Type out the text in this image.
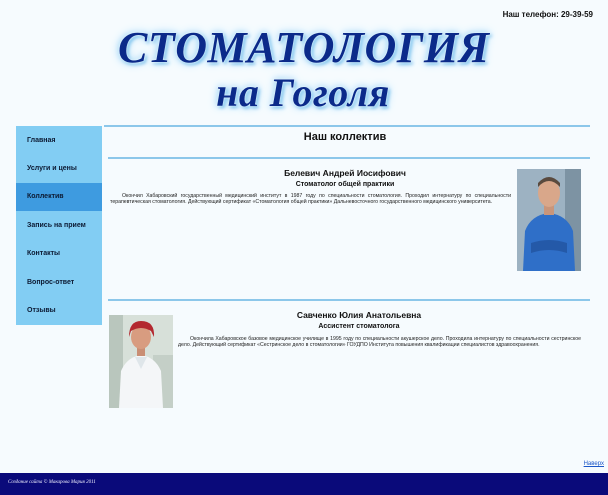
Наш телефон: 29-39-59
СТОМАТОЛОГИЯ
на Гоголя
Главная
Услуги и цены
Коллектив
Запись на прием
Контакты
Вопрос-ответ
Отзывы
Наш коллектив
Белевич Андрей Иосифович
Стоматолог общей практики
Окончил Хабаровский государственный медицинский институт в 1987 году по специальности стоматология. Проходил интернатуру по специальности терапевтическая стоматология. Действующий сертификат «Стоматология общей практики» Дальневосточного государственного медицинского университета.
Савченко Юлия Анатольевна
Ассистент стоматолога
Окончила Хабаровское базовое медицинское училище в 1995 году по специальности акушерское дело. Проходила интернатуру по специальности сестринское дело. Действующий сертификат «Сестринское дело в стоматологии» ГОУДПО Института повышения квалификации специалистов здравоохранения.
Наверх
Создание сайта © Макарова Мария 2011
